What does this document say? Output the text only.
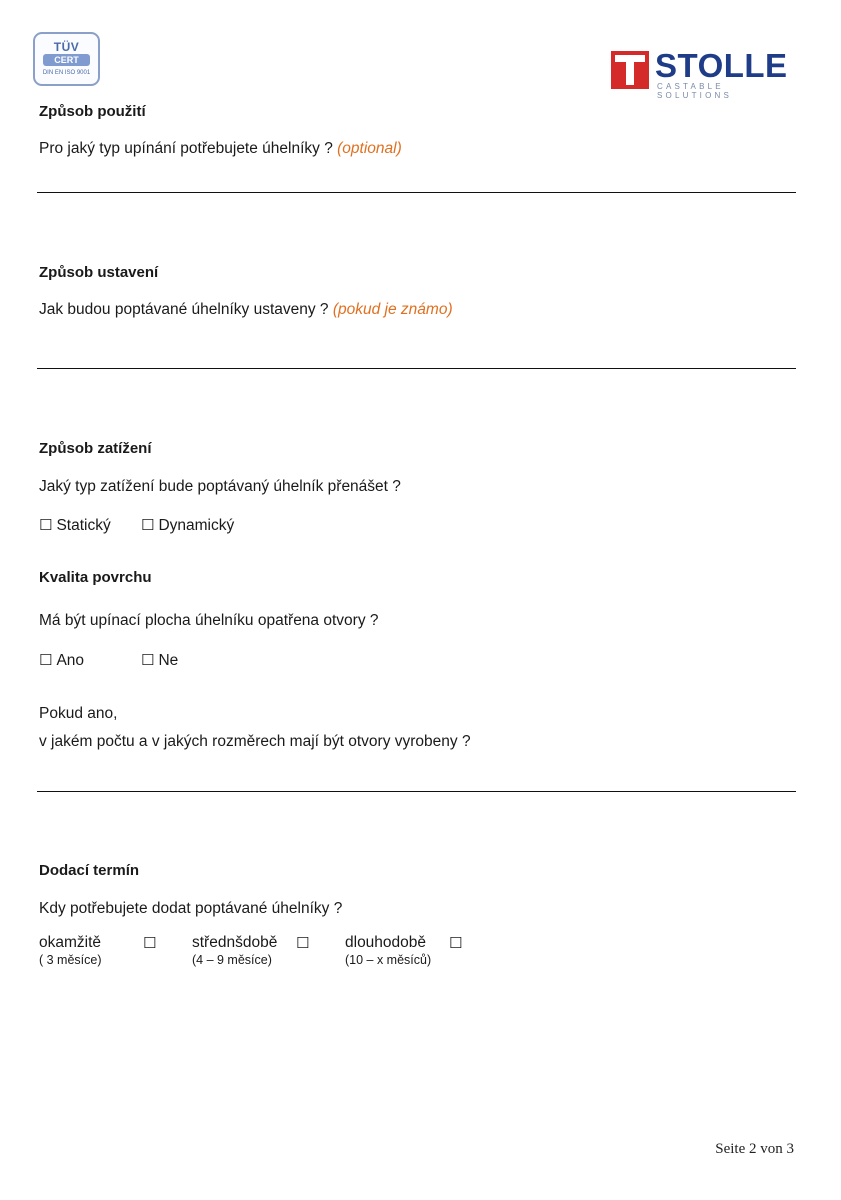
TÜV
CERT
DIN EN ISO 9001	STOLLE
CASTABLE SOLUTIONS
Způsob použití
Pro jaký typ upínání potřebujete úhelníky ? (optional)
Způsob ustavení
Jak budou poptávané úhelníky ustaveny ? (pokud je známo)
Způsob zatížení
Jaký typ zatížení bude poptávaný úhelník přenášet ?
☐ Statický ☐ Dynamický
Kvalita povrchu
Má být upínací plocha úhelníku opatřena otvory ?
☐ Ano	☐ Ne
Pokud ano,
v jakém počtu a v jakých rozměrech mají být otvory vyrobeny ?
Dodací termín
Kdy potřebujete dodat poptávané úhelníky ?
okamžitě
( 3 měsíce)
☐ střednšdobě
(4 – 9 měsíce)
☐ dlouhodobě
(10 – x měsíců)
☐
Seite 2 von 3
